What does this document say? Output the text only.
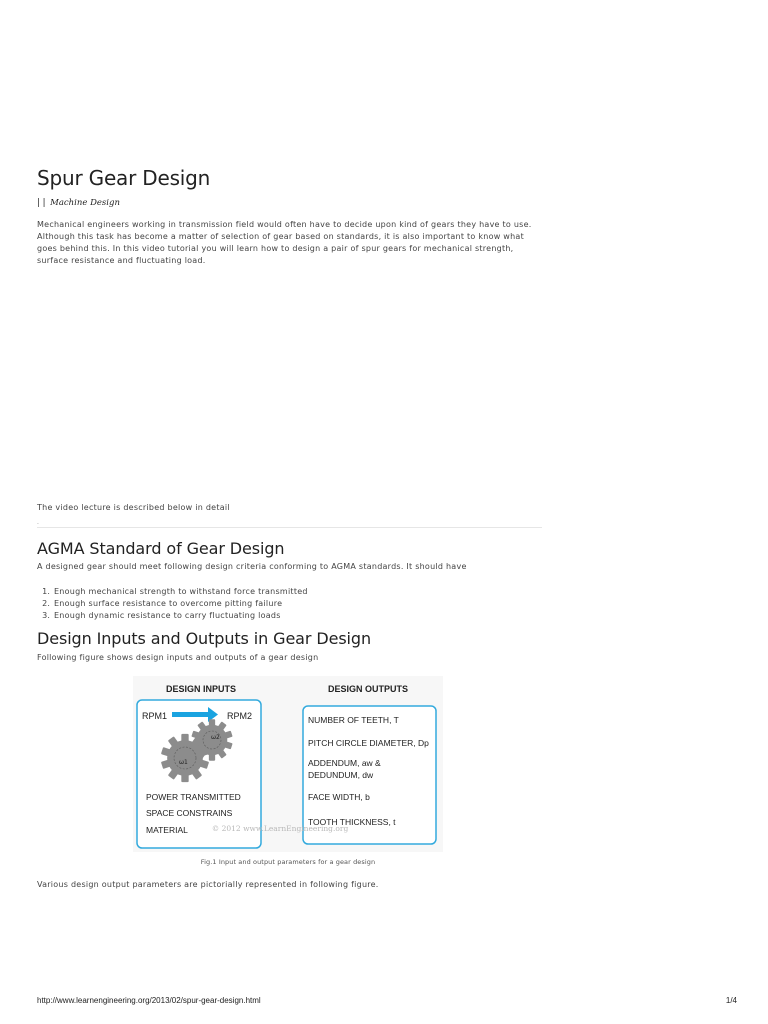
Spur Gear Design
| | Machine Design

Mechanical engineers working in transmission field would often have to decide upon kind of gears they have to use. Although this task has become a matter of selection of gear based on standards, it is also important to know what goes behind this. In this video tutorial you will learn how to design a pair of spur gears for mechanical strength, surface resistance and fluctuating load.

The video lecture is described below in detail

.
AGMA Standard of Gear Design

A designed gear should meet following design criteria conforming to AGMA standards. It should have

1. Enough mechanical strength to withstand force transmitted
2. Enough surface resistance to overcome pitting failure
3. Enough dynamic resistance to carry fluctuating loads
Design Inputs and Outputs in Gear Design

Following figure shows design inputs and outputs of a gear design

DESIGN INPUTS	DESIGN OUTPUTS
RPM1	RPM2
ω2
ω1
POWER TRANSMITTED
SPACE CONSTRAINS
MATERIAL
NUMBER OF TEETH, T
PITCH CIRCLE DIAMETER, Dp
ADDENDUM, aw &
DEDUNDUM, dw
FACE WIDTH, b
TOOTH THICKNESS, t
© 2012 www.LearnEngineering.org
Fig.1 Input and output parameters for a gear design

Various design output parameters are pictorially represented in following figure.

http://www.learnengineering.org/2013/02/spur-gear-design.html	1/4
